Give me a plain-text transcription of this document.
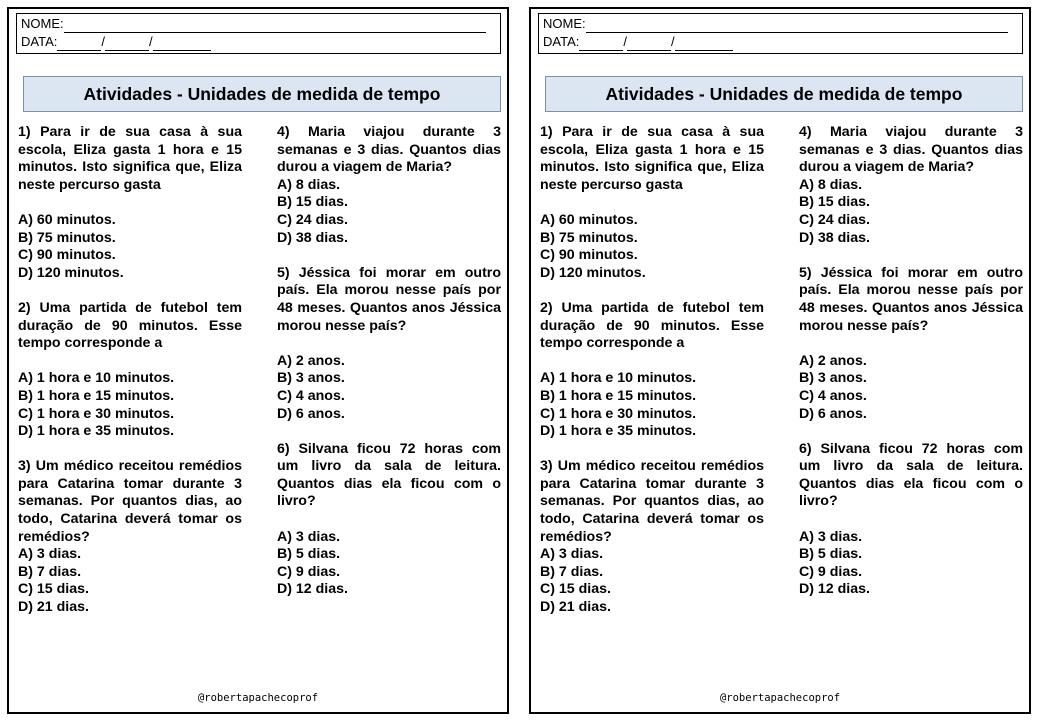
NOME:
DATA:	/	/
Atividades - Unidades de medida de tempo
1) Para ir de sua casa à sua escola, Eliza gasta 1 hora e 15 minutos. Isto significa que, Eliza neste percurso gasta
A) 60 minutos.
B) 75 minutos.
C) 90 minutos.
D) 120 minutos.
2) Uma partida de futebol tem duração de 90 minutos. Esse tempo corresponde a
A) 1 hora e 10 minutos.
B) 1 hora e 15 minutos.
C) 1 hora e 30 minutos.
D) 1 hora e 35 minutos.
3) Um médico receitou remédios para Catarina tomar durante 3 semanas. Por quantos dias, ao todo, Catarina deverá tomar os remédios?
A) 3 dias.
B) 7 dias.
C) 15 dias.
D) 21 dias.
4) Maria viajou durante 3 semanas e 3 dias. Quantos dias durou a viagem de Maria?
A) 8 dias.
B) 15 dias.
C) 24 dias.
D) 38 dias.
5) Jéssica foi morar em outro país. Ela morou nesse país por 48 meses. Quantos anos Jéssica morou nesse país?
A) 2 anos.
B) 3 anos.
C) 4 anos.
D) 6 anos.
6) Silvana ficou 72 horas com um livro da sala de leitura. Quantos dias ela ficou com o livro?
A) 3 dias.
B) 5 dias.
C) 9 dias.
D) 12 dias.
@robertapachecoprof
NOME:
DATA:	/	/
Atividades - Unidades de medida de tempo
1) Para ir de sua casa à sua escola, Eliza gasta 1 hora e 15 minutos. Isto significa que, Eliza neste percurso gasta
A) 60 minutos.
B) 75 minutos.
C) 90 minutos.
D) 120 minutos.
2) Uma partida de futebol tem duração de 90 minutos. Esse tempo corresponde a
A) 1 hora e 10 minutos.
B) 1 hora e 15 minutos.
C) 1 hora e 30 minutos.
D) 1 hora e 35 minutos.
3) Um médico receitou remédios para Catarina tomar durante 3 semanas. Por quantos dias, ao todo, Catarina deverá tomar os remédios?
A) 3 dias.
B) 7 dias.
C) 15 dias.
D) 21 dias.
4) Maria viajou durante 3 semanas e 3 dias. Quantos dias durou a viagem de Maria?
A) 8 dias.
B) 15 dias.
C) 24 dias.
D) 38 dias.
5) Jéssica foi morar em outro país. Ela morou nesse país por 48 meses. Quantos anos Jéssica morou nesse país?
A) 2 anos.
B) 3 anos.
C) 4 anos.
D) 6 anos.
6) Silvana ficou 72 horas com um livro da sala de leitura. Quantos dias ela ficou com o livro?
A) 3 dias.
B) 5 dias.
C) 9 dias.
D) 12 dias.
@robertapachecoprof
